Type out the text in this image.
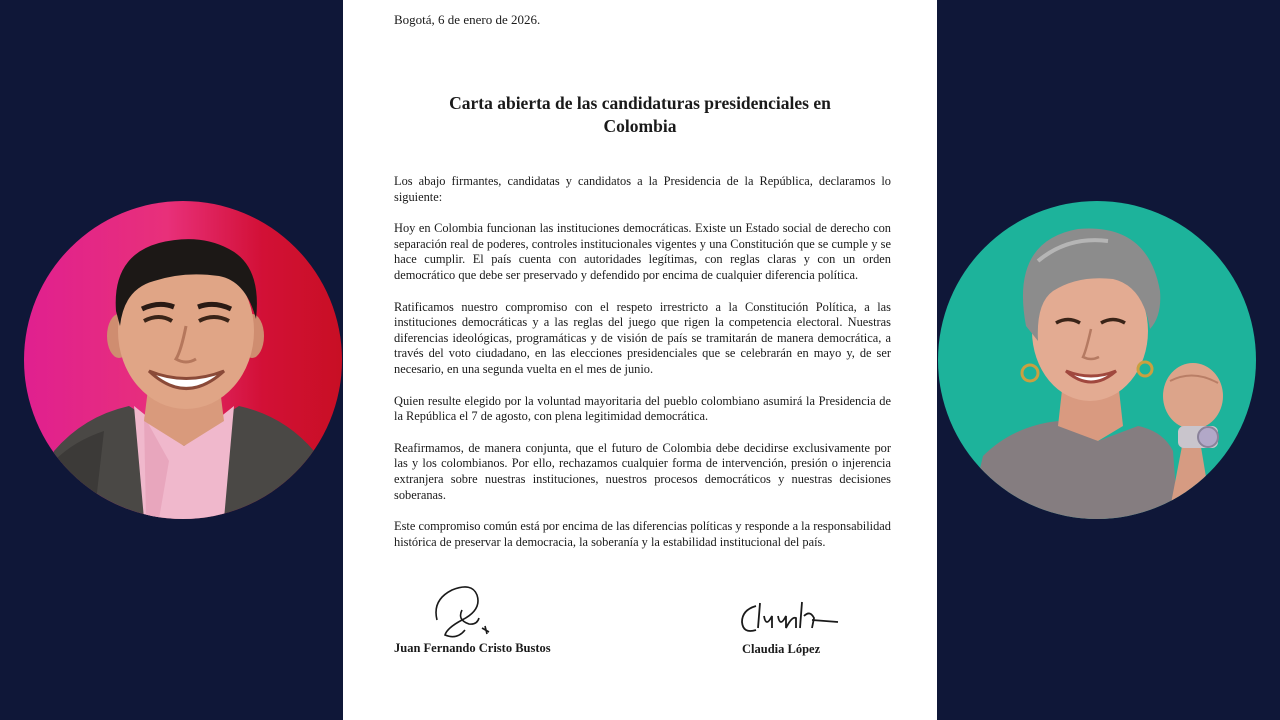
Bogotá, 6 de enero de 2026.
Carta abierta de las candidaturas presidenciales en
Colombia

Los abajo firmantes, candidatas y candidatos a la Presidencia de la República, declaramos lo siguiente:

Hoy en Colombia funcionan las instituciones democráticas. Existe un Estado social de derecho con separación real de poderes, controles institucionales vigentes y una Constitución que se cumple y se hace cumplir. El país cuenta con autoridades legítimas, con reglas claras y con un orden democrático que debe ser preservado y defendido por encima de cualquier diferencia política.

Ratificamos nuestro compromiso con el respeto irrestricto a la Constitución Política, a las instituciones democráticas y a las reglas del juego que rigen la competencia electoral. Nuestras diferencias ideológicas, programáticas y de visión de país se tramitarán de manera democrática, a través del voto ciudadano, en las elecciones presidenciales que se celebrarán en mayo y, de ser necesario, en una segunda vuelta en el mes de junio.

Quien resulte elegido por la voluntad mayoritaria del pueblo colombiano asumirá la Presidencia de la República el 7 de agosto, con plena legitimidad democrática.

Reafirmamos, de manera conjunta, que el futuro de Colombia debe decidirse exclusivamente por las y los colombianos. Por ello, rechazamos cualquier forma de intervención, presión o injerencia extranjera sobre nuestras instituciones, nuestros procesos democráticos y nuestras decisiones soberanas.

Este compromiso común está por encima de las diferencias políticas y responde a la responsabilidad histórica de preservar la democracia, la soberanía y la estabilidad institucional del país.

Juan Fernando Cristo Bustos	Claudia López
